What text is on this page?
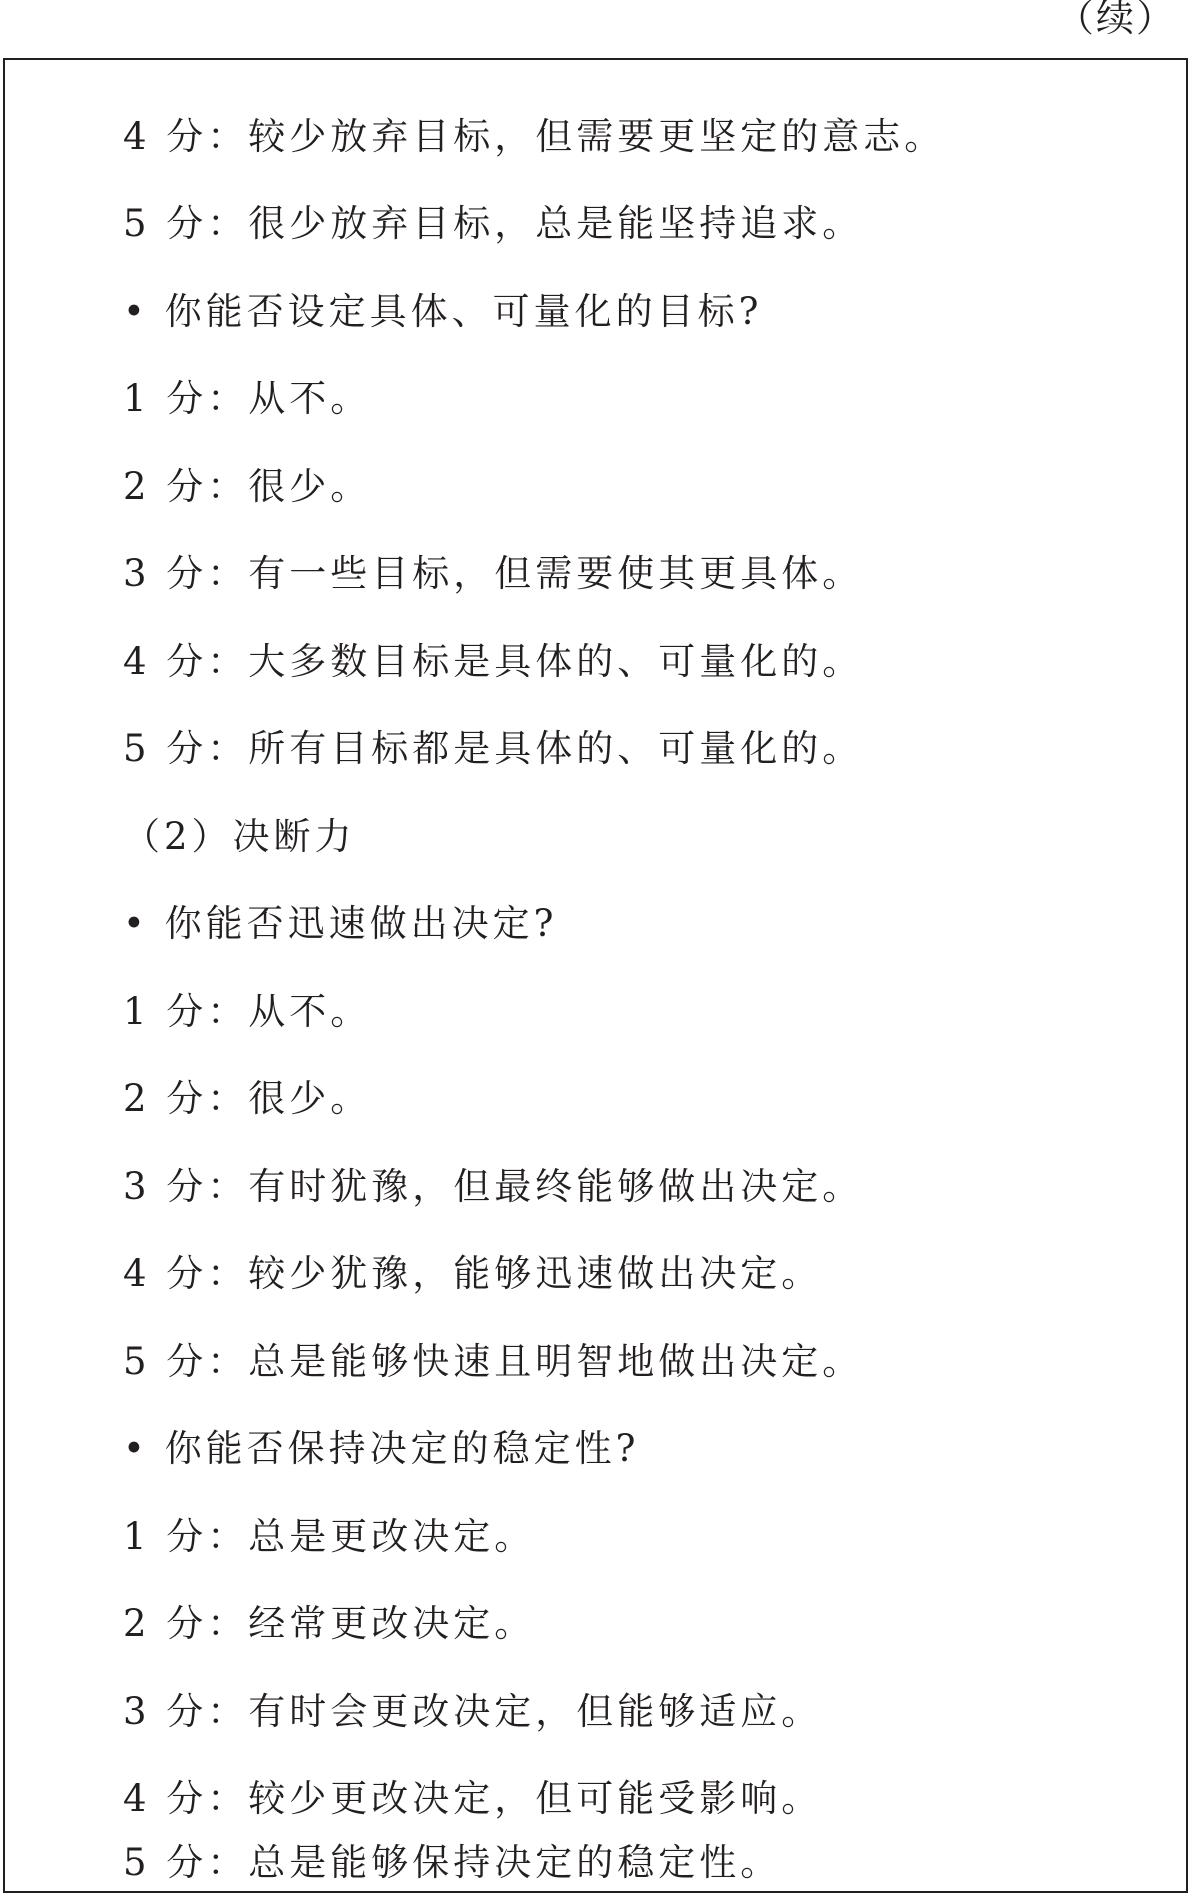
（续）
4 分：较少放弃目标，但需要更坚定的意志。
5 分：很少放弃目标，总是能坚持追求。
• 你能否设定具体、可量化的目标?
1 分：从不。
2 分：很少。
3 分：有一些目标，但需要使其更具体。
4 分：大多数目标是具体的、可量化的。
5 分：所有目标都是具体的、可量化的。
（2）决断力
• 你能否迅速做出决定?
1 分：从不。
2 分：很少。
3 分：有时犹豫，但最终能够做出决定。
4 分：较少犹豫，能够迅速做出决定。
5 分：总是能够快速且明智地做出决定。
• 你能否保持决定的稳定性?
1 分：总是更改决定。
2 分：经常更改决定。
3 分：有时会更改决定，但能够适应。
4 分：较少更改决定，但可能受影响。
5 分：总是能够保持决定的稳定性。
